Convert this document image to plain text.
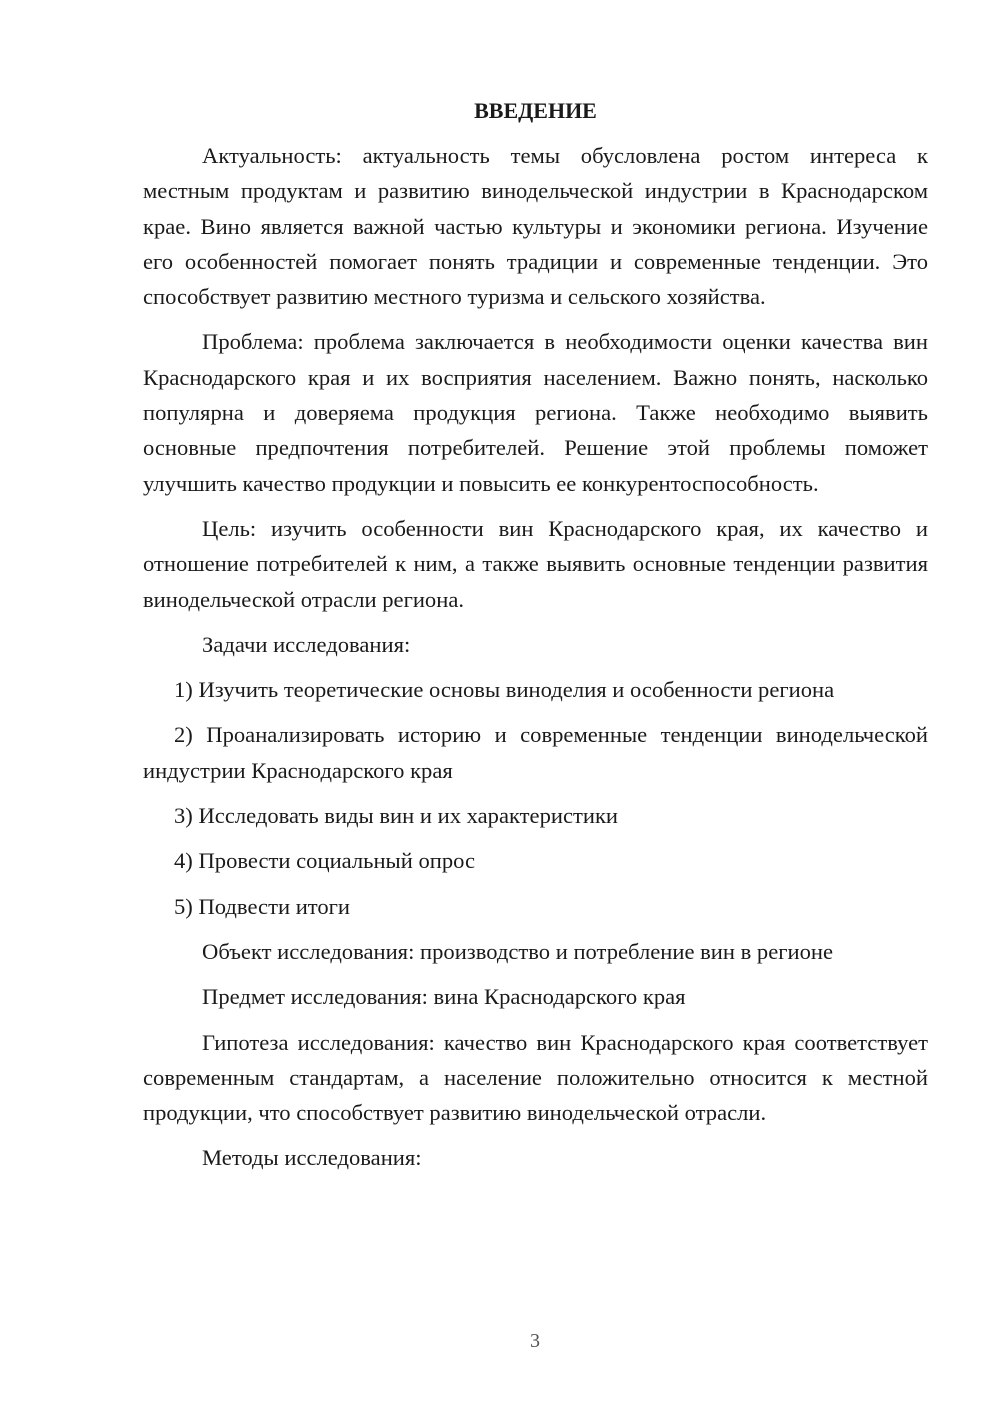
ВВЕДЕНИЕ

Актуальность: актуальность темы обусловлена ростом интереса к местным продуктам и развитию винодельческой индустрии в Краснодарском крае. Вино является важной частью культуры и экономики региона. Изучение его особенностей помогает понять традиции и современные тенденции. Это способствует развитию местного туризма и сельского хозяйства.

Проблема: проблема заключается в необходимости оценки качества вин Краснодарского края и их восприятия населением. Важно понять, насколько популярна и доверяема продукция региона. Также необходимо выявить основные предпочтения потребителей. Решение этой проблемы поможет улучшить качество продукции и повысить ее конкурентоспособность.

Цель: изучить особенности вин Краснодарского края, их качество и отношение потребителей к ним, а также выявить основные тенденции развития винодельческой отрасли региона.

Задачи исследования:

1) Изучить теоретические основы виноделия и особенности региона

2) Проанализировать историю и современные тенденции винодельческой индустрии Краснодарского края

3) Исследовать виды вин и их характеристики

4) Провести социальный опрос

5) Подвести итоги

Объект исследования: производство и потребление вин в регионе

Предмет исследования: вина Краснодарского края

Гипотеза исследования: качество вин Краснодарского края соответствует современным стандартам, а население положительно относится к местной продукции, что способствует развитию винодельческой отрасли.

Методы исследования:

3
